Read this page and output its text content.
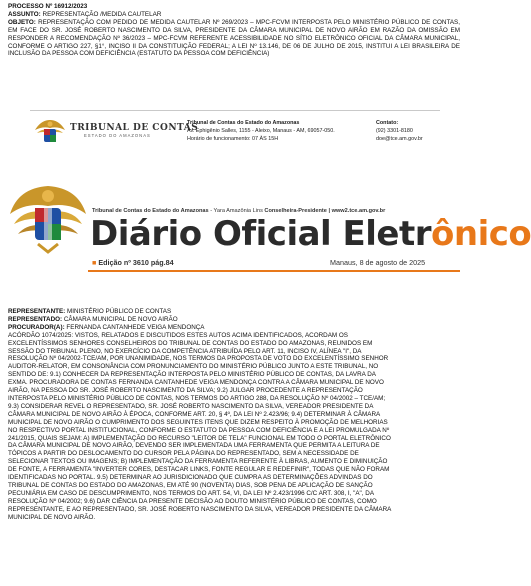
PROCESSO Nº 16912/2023
ASSUNTO: REPRESENTAÇÃO /MEDIDA CAUTELAR
OBJETO: REPRESENTAÇÃO COM PEDIDO DE MEDIDA CAUTELAR Nº 269/2023 – MPC-FCVM INTERPOSTA PELO MINISTÉRIO PÚBLICO DE CONTAS, EM FACE DO SR. JOSÉ ROBERTO NASCIMENTO DA SILVA, PRESIDENTE DA CÂMARA MUNICIPAL DE NOVO AIRÃO EM RAZÃO DA OMISSÃO EM RESPONDER A RECOMENDAÇÃO Nº 36/2023 – MPC-FCVM REFERENTE ACESSIBILIDADE NO SÍTIO ELETRÔNICO OFICIAL DA CÂMARA MUNICIPAL, CONFORME O ARTIGO 227, §1°, INCISO II DA CONSTITUIÇÃO FEDERAL; A LEI Nº 13.146, DE 06 DE JULHO DE 2015, INSTITUI A LEI BRASILEIRA DE INCLUSÃO DA PESSOA COM DEFICIÊNCIA (ESTATUTO DA PESSOA COM DEFICIÊNCIA)
TRIBUNAL DE CONTAS
ESTADO DO AMAZONAS
Tribunal de Contas do Estado do Amazonas
Av. Ephigênio Salles, 1155 - Aleixo, Manaus - AM, 69057-050.
Horário de funcionamento: 07 ÀS 15H
Contato:
(92) 3301-8180
doe@tce.am.gov.br
Tribunal de Contas do Estado do Amazonas - Yara Amazônia Lins Conselheira-Presidente | www2.tce.am.gov.br
Diário Oficial Eletrônico
■ Edição nº 3610 pág.84	Manaus, 8 de agosto de 2025
REPRESENTANTE: MINISTÉRIO PÚBLICO DE CONTAS
REPRESENTADO: CÂMARA MUNICIPAL DE NOVO AIRÃO
PROCURADOR(A): FERNANDA CANTANHEDE VEIGA MENDONÇA
ACÓRDÃO 1074/2025: VISTOS, RELATADOS E DISCUTIDOS ESTES AUTOS ACIMA IDENTIFICADOS, ACORDAM OS
EXCELENTÍSSIMOS SENHORES CONSELHEIROS DO TRIBUNAL DE CONTAS DO ESTADO DO AMAZONAS, REUNIDOS EM
SESSÃO DO TRIBUNAL PLENO, NO EXERCÍCIO DA COMPETÊNCIA ATRIBUÍDA PELO ART. 11, INCISO IV, ALÍNEA "I", DA
RESOLUÇÃO Nº 04/2002-TCE/AM, POR UNANIMIDADE, NOS TERMOS DA PROPOSTA DE VOTO DO EXCELENTÍSSIMO SENHOR
AUDITOR-RELATOR, EM CONSONÂNCIA COM PRONUNCIAMENTO DO MINISTÉRIO PÚBLICO JUNTO A ESTE TRIBUNAL, NO
SENTIDO DE: 9.1) CONHECER DA REPRESENTAÇÃO INTERPOSTA PELO MINISTÉRIO PÚBLICO DE CONTAS, DA LAVRA DA
EXMA. PROCURADORA DE CONTAS FERNANDA CANTANHEDE VEIGA MENDONÇA CONTRA A CÂMARA MUNICIPAL DE NOVO
AIRÃO, NA PESSOA DO SR. JOSÉ ROBERTO NASCIMENTO DA SILVA; 9.2) JULGAR PROCEDENTE A REPRESENTAÇÃO
INTERPOSTA PELO MINISTÉRIO PÚBLICO DE CONTAS, NOS TERMOS DO ARTIGO 288, DA RESOLUÇÃO Nº 04/2002 – TCE/AM;
9.3) CONSIDERAR REVEL O REPRESENTADO, SR. JOSÉ ROBERTO NASCIMENTO DA SILVA, VEREADOR PRESIDENTE DA
CÂMARA MUNICIPAL DE NOVO AIRÃO À ÉPOCA, CONFORME ART. 20, § 4º, DA LEI Nº 2.423/96; 9.4) DETERMINAR À CÂMARA
MUNICIPAL DE NOVO AIRÃO O CUMPRIMENTO DOS SEGUINTES ITENS QUE DIZEM RESPEITO À PROMOÇÃO DE MELHORIAS
NO RESPECTIVO PORTAL INSTITUCIONAL, CONFORME O ESTATUTO DA PESSOA COM DEFICIÊNCIA E A LEI PROMULGADA Nº
241/2015, QUAIS SEJAM: A) IMPLEMENTAÇÃO DO RECURSO "LEITOR DE TELA" FUNCIONAL EM TODO O PORTAL ELETRÔNICO
DA CÂMARA MUNICIPAL DE NOVO AIRÃO, DEVENDO SER IMPLEMENTADA UMA FERRAMENTA QUE PERMITA A LEITURA DE
TÓPICOS A PARTIR DO DESLOCAMENTO DO CURSOR PELA PÁGINA DO REPRESENTADO, SEM A NECESSIDADE DE
SELECIONAR TEXTOS OU IMAGENS; B) IMPLEMENTAÇÃO DA FERRAMENTA REFERENTE À LIBRAS, AUMENTO E DIMINUIÇÃO
DE FONTE, A FERRAMENTA "INVERTER CORES, DESTACAR LINKS, FONTE REGULAR E REDEFINIR", TODAS QUE NÃO FORAM
IDENTIFICADAS NO PORTAL. 9.5) DETERMINAR AO JURISDICIONADO QUE CUMPRA AS DETERMINAÇÕES ADVINDAS DO
TRIBUNAL DE CONTAS DO ESTADO DO AMAZONAS, EM ATÉ 90 (NOVENTA) DIAS, SOB PENA DE APLICAÇÃO DE SANÇÃO
PECUNIÁRIA EM CASO DE DESCUMPRIMENTO, NOS TERMOS DO ART. 54, VI, DA LEI Nº 2.423/1996 C/C ART. 308, I, "A", DA
RESOLUÇÃO Nº 04/2002; 9.6) DAR CIÊNCIA DA PRESENTE DECISÃO AO DOUTO MINISTÉRIO PÚBLICO DE CONTAS, COMO
REPRESENTANTE, E AO REPRESENTADO, SR. JOSÉ ROBERTO NASCIMENTO DA SILVA, VEREADOR PRESIDENTE DA CÂMARA
MUNICIPAL DE NOVO AIRÃO.
